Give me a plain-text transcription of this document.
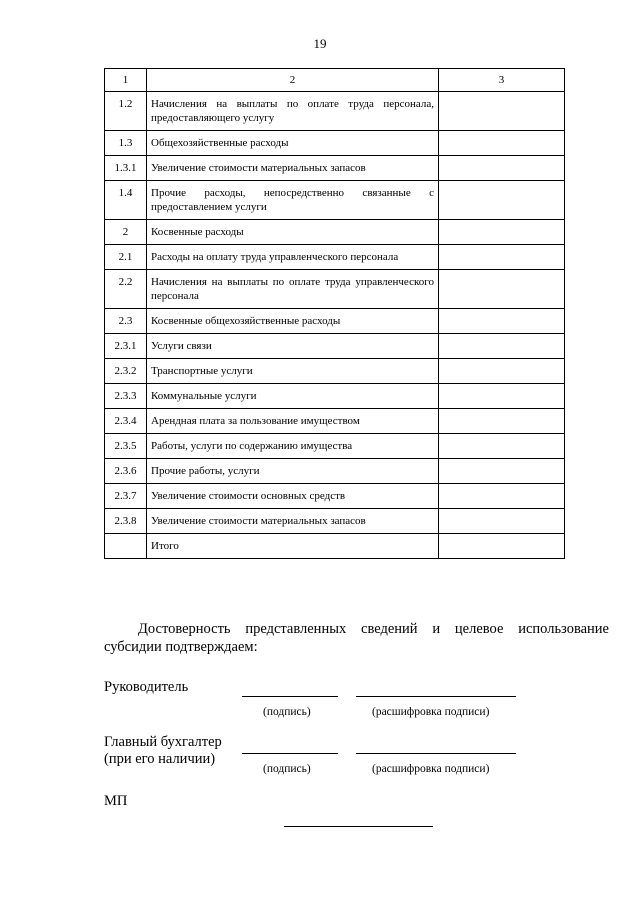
19
1	2	3
1.2	Начисления на выплаты по оплате труда персонала, предоставляющего услугу	
1.3	Общехозяйственные расходы	
1.3.1	Увеличение стоимости материальных запасов	
1.4	Прочие расходы, непосредственно связанные с предоставлением услуги	
2	Косвенные расходы	
2.1	Расходы на оплату труда управленческого персонала	
2.2	Начисления на выплаты по оплате труда управленческого персонала	
2.3	Косвенные общехозяйственные расходы	
2.3.1	Услуги связи	
2.3.2	Транспортные услуги	
2.3.3	Коммунальные услуги	
2.3.4	Арендная плата за пользование имуществом	
2.3.5	Работы, услуги по содержанию имущества	
2.3.6	Прочие работы, услуги	
2.3.7	Увеличение стоимости основных средств	
2.3.8	Увеличение стоимости материальных запасов	
	Итого	
Достоверность представленных сведений и целевое использование субсидии подтверждаем:
Руководитель
(подпись)	(расшифровка подписи)
Главный бухгалтер
(при его наличии)
(подпись)	(расшифровка подписи)
МП
